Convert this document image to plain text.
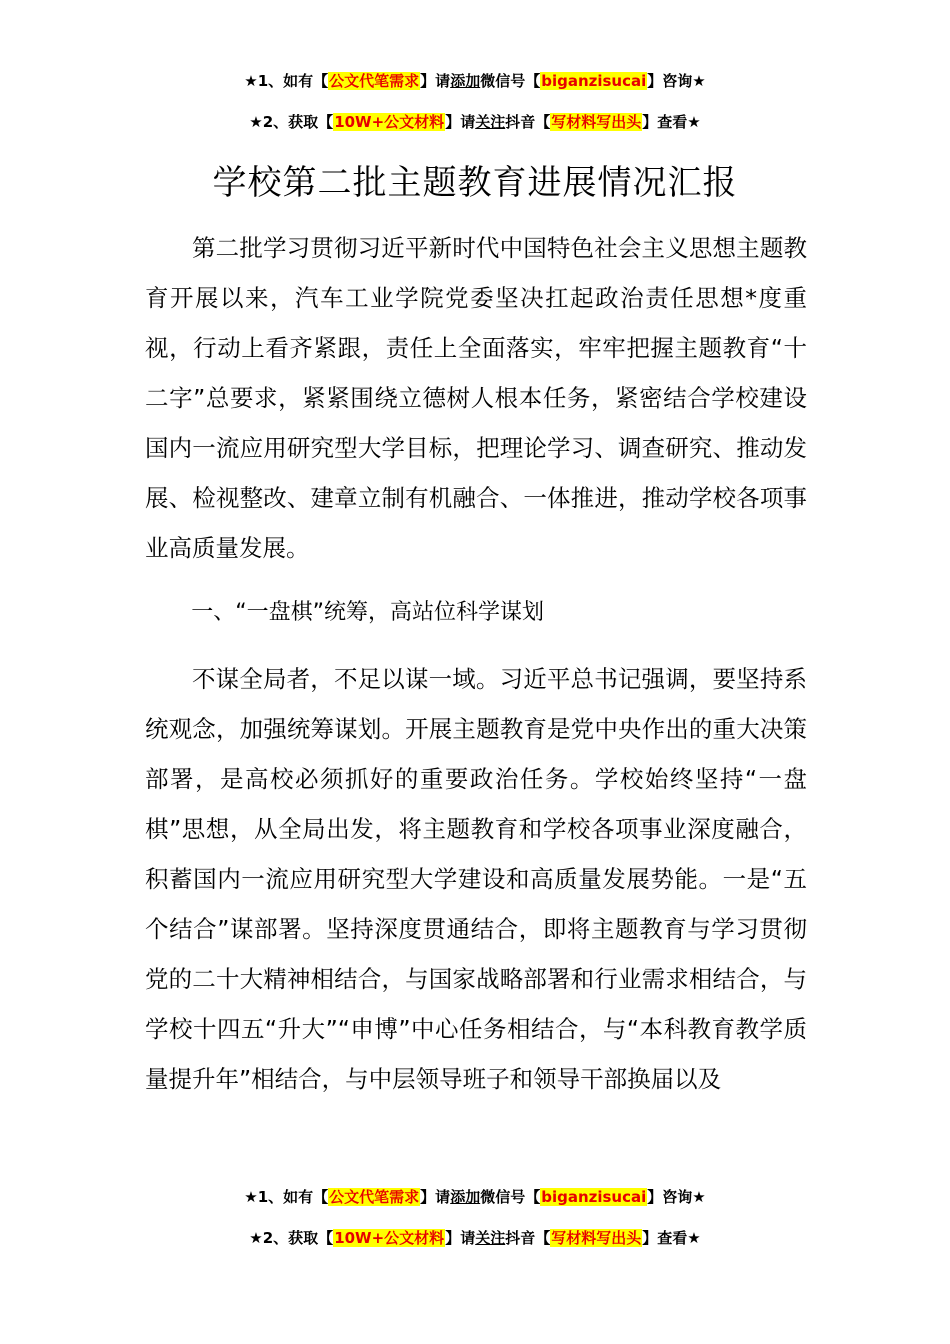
★1、如有【公文代笔需求】请添加微信号【biganzisucai】咨询★
★2、获取【10W+公文材料】请关注抖音【写材料写出头】查看★
学校第二批主题教育进展情况汇报

第二批学习贯彻习近平新时代中国特色社会主义思想主题教育开展以来，汽车工业学院党委坚决扛起政治责任思想*度重视，行动上看齐紧跟，责任上全面落实，牢牢把握主题教育“十二字”总要求，紧紧围绕立德树人根本任务，紧密结合学校建设国内一流应用研究型大学目标，把理论学习、调查研究、推动发展、检视整改、建章立制有机融合、一体推进，推动学校各项事业高质量发展。

一、“一盘棋”统筹，高站位科学谋划

不谋全局者，不足以谋一域。习近平总书记强调，要坚持系统观念，加强统筹谋划。开展主题教育是党中央作出的重大决策部署，是高校必须抓好的重要政治任务。学校始终坚持“一盘棋”思想，从全局出发，将主题教育和学校各项事业深度融合，积蓄国内一流应用研究型大学建设和高质量发展势能。一是“五个结合”谋部署。坚持深度贯通结合，即将主题教育与学习贯彻党的二十大精神相结合，与国家战略部署和行业需求相结合，与学校十四五“升大”“申博”中心任务相结合，与“本科教育教学质量提升年”相结合，与中层领导班子和领导干部换届以及

★1、如有【公文代笔需求】请添加微信号【biganzisucai】咨询★
★2、获取【10W+公文材料】请关注抖音【写材料写出头】查看★
